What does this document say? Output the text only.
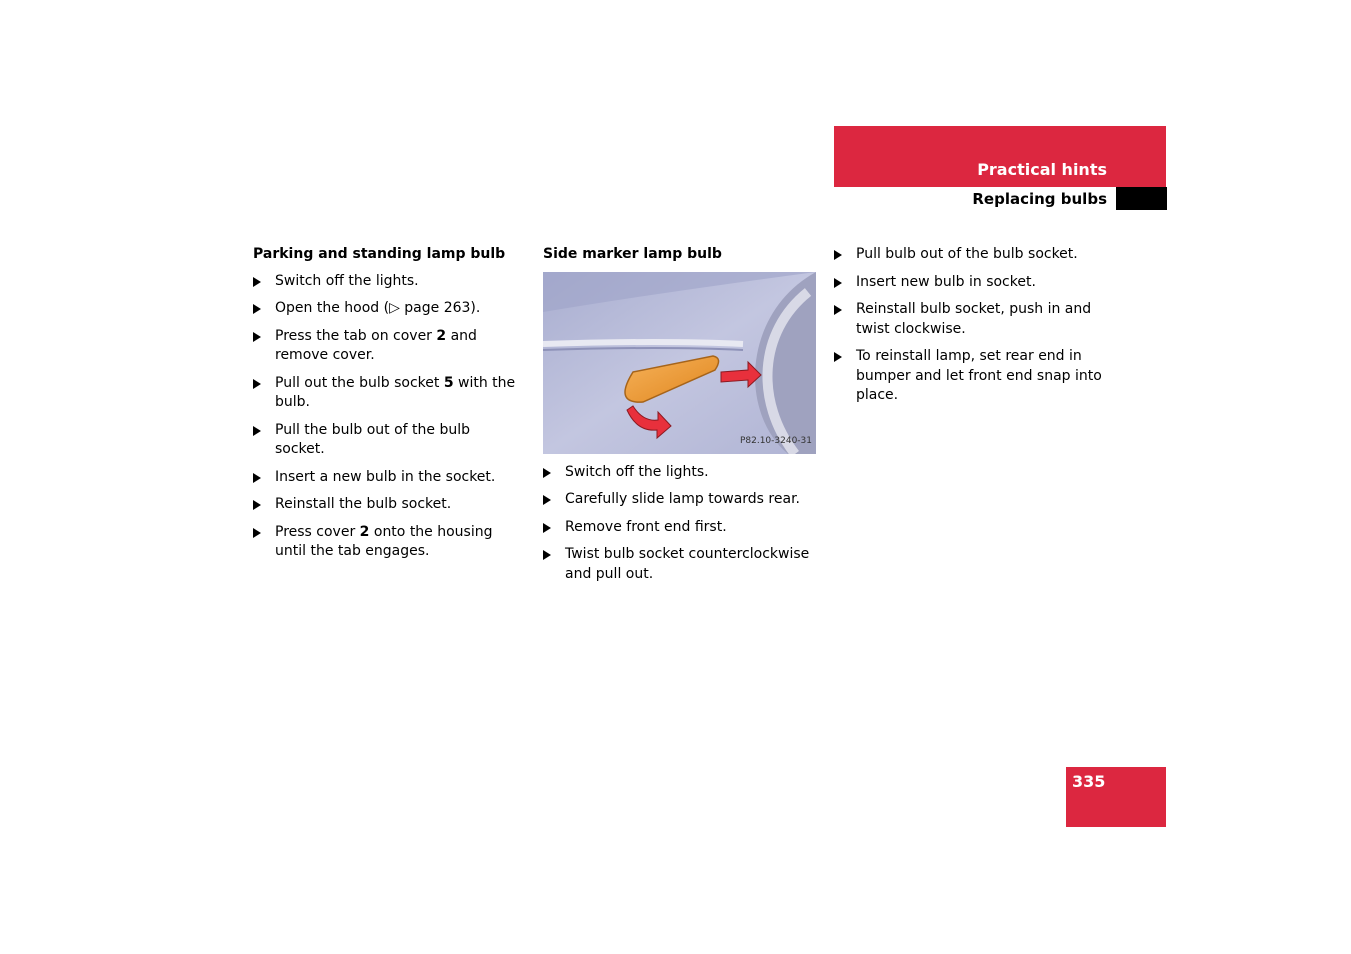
Practical hints
Replacing bulbs
Parking and standing lamp bulb
Switch off the lights.
Open the hood (▷ page 263).
Press the tab on cover 2 and remove cover.
Pull out the bulb socket 5 with the bulb.
Pull the bulb out of the bulb socket.
Insert a new bulb in the socket.
Reinstall the bulb socket.
Press cover 2 onto the housing until the tab engages.
Side marker lamp bulb
P82.10-3240-31
Switch off the lights.
Carefully slide lamp towards rear.
Remove front end first.
Twist bulb socket counterclockwise and pull out.
Pull bulb out of the bulb socket.
Insert new bulb in socket.
Reinstall bulb socket, push in and twist clockwise.
To reinstall lamp, set rear end in bumper and let front end snap into place.
335
